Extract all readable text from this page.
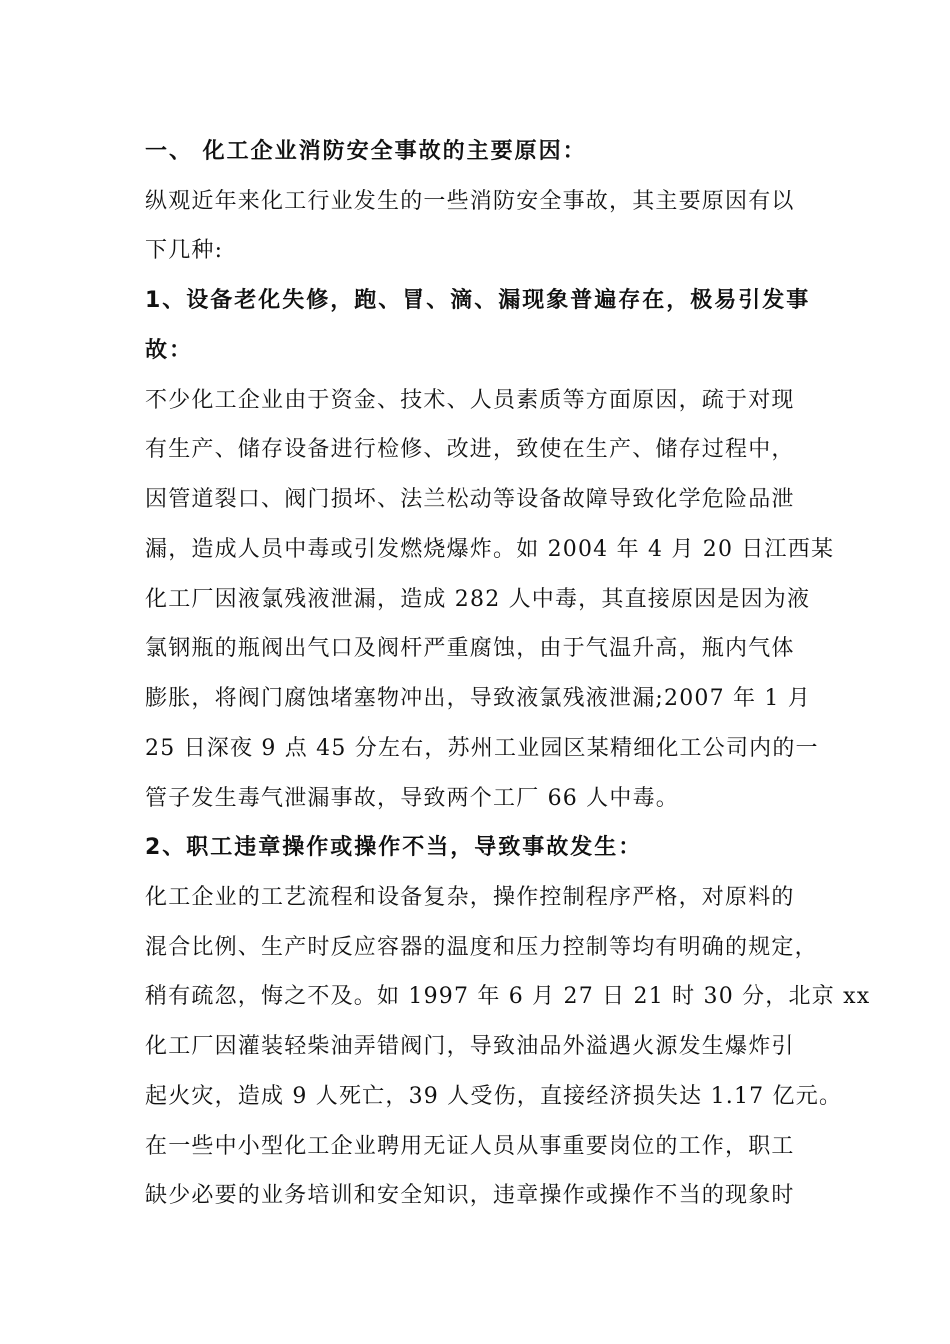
一、 化工企业消防安全事故的主要原因：
纵观近年来化工行业发生的一些消防安全事故，其主要原因有以
下几种:
1、设备老化失修，跑、冒、滴、漏现象普遍存在，极易引发事
故：
不少化工企业由于资金、技术、人员素质等方面原因，疏于对现
有生产、储存设备进行检修、改进，致使在生产、储存过程中，
因管道裂口、阀门损坏、法兰松动等设备故障导致化学危险品泄
漏，造成人员中毒或引发燃烧爆炸。如 2004 年 4 月 20 日江西某
化工厂因液氯残液泄漏，造成 282 人中毒，其直接原因是因为液
氯钢瓶的瓶阀出气口及阀杆严重腐蚀，由于气温升高，瓶内气体
膨胀，将阀门腐蚀堵塞物冲出，导致液氯残液泄漏;2007 年 1 月
25 日深夜 9 点 45 分左右，苏州工业园区某精细化工公司内的一
管子发生毒气泄漏事故，导致两个工厂 66 人中毒。
2、职工违章操作或操作不当，导致事故发生：
化工企业的工艺流程和设备复杂，操作控制程序严格，对原料的
混合比例、生产时反应容器的温度和压力控制等均有明确的规定，
稍有疏忽，悔之不及。如 1997 年 6 月 27 日 21 时 30 分，北京 xx
化工厂因灌装轻柴油弄错阀门，导致油品外溢遇火源发生爆炸引
起火灾，造成 9 人死亡，39 人受伤，直接经济损失达 1.17 亿元。
在一些中小型化工企业聘用无证人员从事重要岗位的工作，职工
缺少必要的业务培训和安全知识，违章操作或操作不当的现象时
